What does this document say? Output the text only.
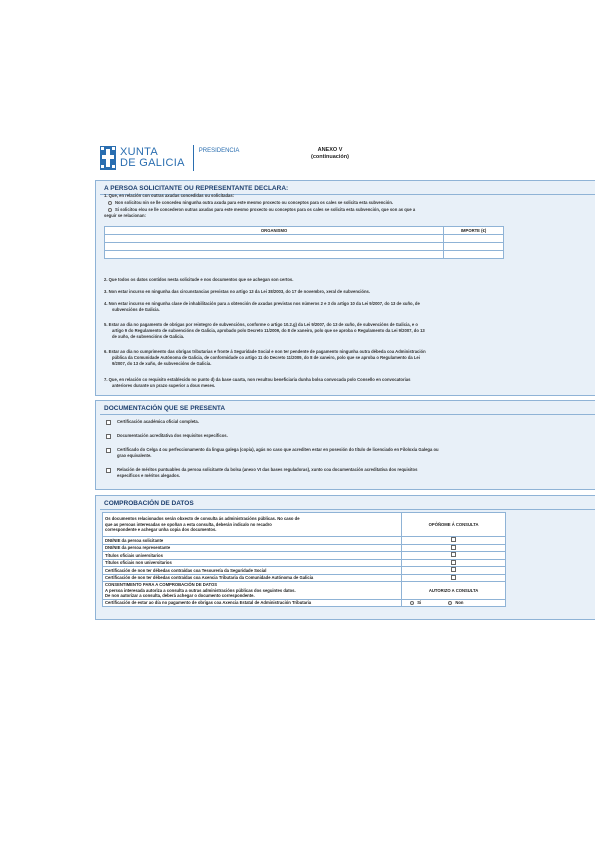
XUNTA
DE GALICIA
PRESIDENCIA	ANEXO V
(continuación)
A PERSOA SOLICITANTE OU REPRESENTANTE DECLARA:
1. Que, en relación con outras axudas concedidas ou solicitadas:
Non solicitou nin se lle concedeu ningunha outra axuda para este mesmo proxecto ou conceptos para os cales se solicita esta subvención.
Si solicitou e/ou se lle concederon outras axudas para este mesmo proxecto ou conceptos para os cales se solicita esta subvención, que son as que a
seguir se relacionan:
ORGANISMO	IMPORTE (€)

2. Que todos os datos contidos nesta solicitude e nos documentos que se achegan son certos.
3. Non estar incurso en ningunha das circunstancias previstas no artigo 13 da Lei 38/2003, do 17 de novembro, xeral de subvencións.
4. Non estar incurso en ningunha clase de inhabilitación para a obtención de axudas previstas nos números 2 e 3 do artigo 10 da Lei 9/2007, do 13 de xuño, de
subvencións de Galicia.
5. Estar ao día no pagamento de obrigas por reintegro de subvencións, conforme o artigo 10.2.g) da Lei 9/2007, do 13 de xuño, de subvencións de Galicia, e o
artigo 9 do Regulamento de subvencións de Galicia, aprobado polo Decreto 11/2009, do 8 de xaneiro, polo que se aproba o Regulamento da Lei 9/2007, do 13
de xuño, de subvencións de Galicia.
6. Estar ao día no cumprimento das obrigas tributarias e fronte á Seguridade Social e non ter pendente de pagamento ningunha outra débeda coa Administración
pública da Comunidade Autónoma de Galicia, de conformidade co artigo 11 do Decreto 11/2009, do 8 de xaneiro, polo que se aproba o Regulamento da Lei
9/2007, do 13 de xuño, de subvencións de Galicia.
7. Que, en relación co requisito establecido no punto d) da base cuarta, non resultou beneficiaria dunha bolsa convocada polo Consello en convocatorias
anteriores durante un prazo superior a dous meses.
DOCUMENTACIÓN QUE SE PRESENTA
Certificación académica oficial completa.
Documentación acreditativa dos requisitos específicos.
Certificado do Celga 4 ou perfeccionamento da lingua galega (copia), agás no caso que acrediten estar en posesión do título de licenciado en Filoloxía Galega ou
grao equivalente.
Relación de méritos puntuables da persoa solicitante da bolsa (anexo VI das bases reguladoras), xunto coa documentación acreditativa dos requisitos
específicos e méritos alegados.
COMPROBACIÓN DE DATOS
Os documentos relacionados serán obxecto de consulta ás administracións públicas. No caso de
que as persoas interesadas se opoñan a esta consulta, deberán indicalo no recadro
correspondente e achegar unha copia dos documentos.	OPÓÑOME Á CONSULTA
DNI/NIE da persoa solicitante	
DNI/NIE da persoa representante	
Títulos oficiais universitarios	
Títulos oficiais non universitarios	
Certificación de non ter débedas contraídas coa Tesourería da Seguridade Social	
Certificación de non ter débedas contraídas coa Axencia Tributaria da Comunidade Autónoma de Galicia	

CONSENTIMENTO PARA A COMPROBACIÓN DE DATOS
A persoa interesada autoriza a consulta a outras administracións públicas dos seguintes datos.
De non autorizar a consulta, deberá achegar o documento correspondente.	AUTORIZO A CONSULTA
Certificación de estar ao día no pagamento de obrigas coa Axencia Estatal de Administración Tributaria	Si Non
